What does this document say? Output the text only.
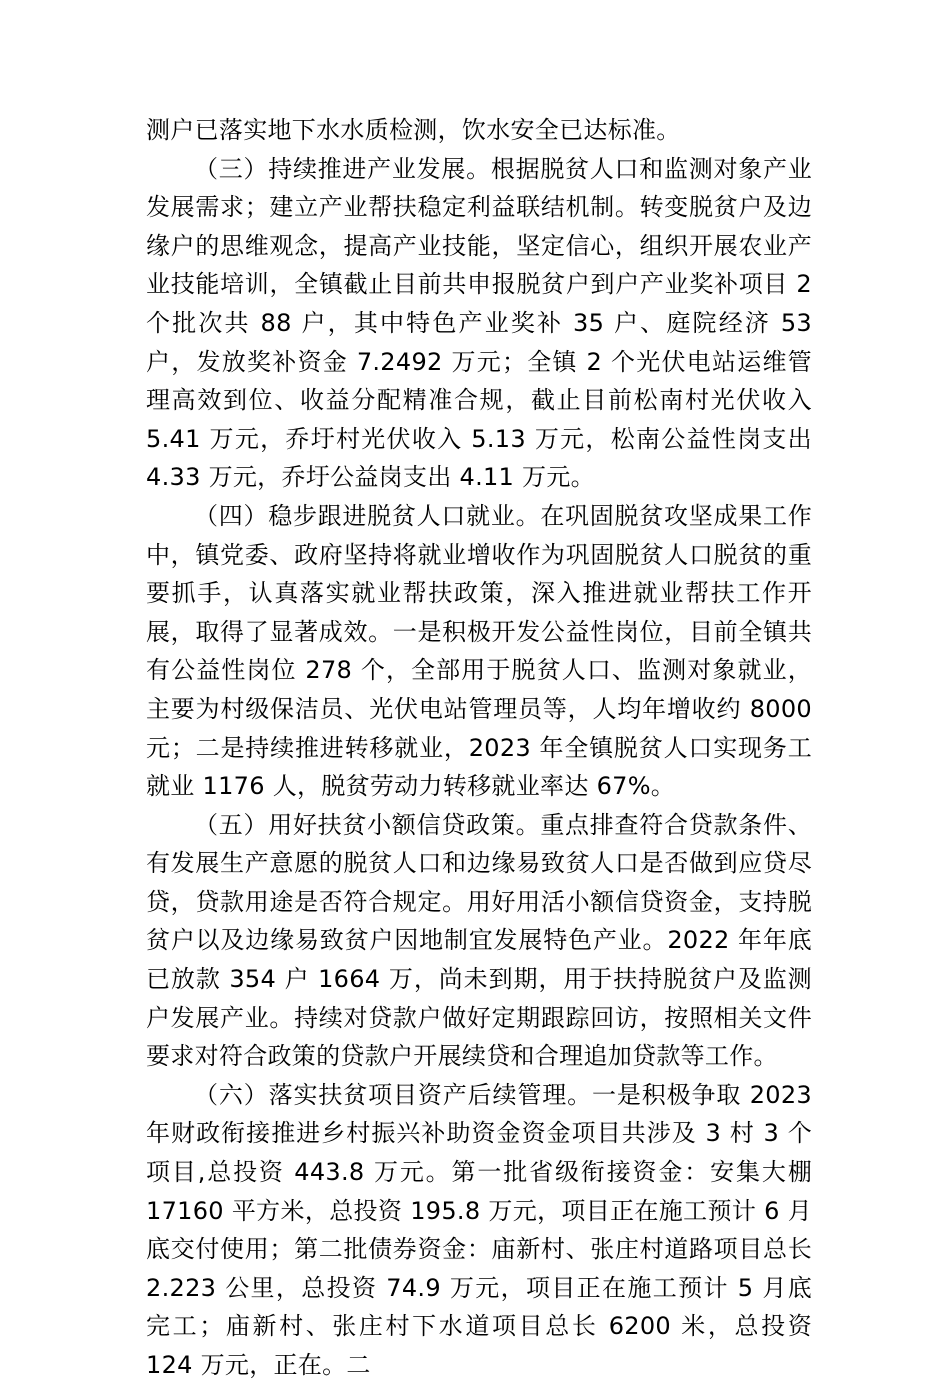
测户已落实地下水水质检测，饮水安全已达标准。

（三）持续推进产业发展。根据脱贫人口和监测对象产业发展需求；建立产业帮扶稳定利益联结机制。转变脱贫户及边缘户的思维观念，提高产业技能，坚定信心，组织开展农业产业技能培训，全镇截止目前共申报脱贫户到户产业奖补项目 2 个批次共 88 户，其中特色产业奖补 35 户、庭院经济 53 户，发放奖补资金 7.2492 万元；全镇 2 个光伏电站运维管理高效到位、收益分配精准合规，截止目前松南村光伏收入 5.41 万元，乔圩村光伏收入 5.13 万元，松南公益性岗支出 4.33 万元，乔圩公益岗支出 4.11 万元。

（四）稳步跟进脱贫人口就业。在巩固脱贫攻坚成果工作中，镇党委、政府坚持将就业增收作为巩固脱贫人口脱贫的重要抓手，认真落实就业帮扶政策，深入推进就业帮扶工作开展，取得了显著成效。一是积极开发公益性岗位，目前全镇共有公益性岗位 278 个，全部用于脱贫人口、监测对象就业，主要为村级保洁员、光伏电站管理员等，人均年增收约 8000 元；二是持续推进转移就业，2023 年全镇脱贫人口实现务工就业 1176 人，脱贫劳动力转移就业率达 67%。

（五）用好扶贫小额信贷政策。重点排查符合贷款条件、有发展生产意愿的脱贫人口和边缘易致贫人口是否做到应贷尽贷，贷款用途是否符合规定。用好用活小额信贷资金，支持脱贫户以及边缘易致贫户因地制宜发展特色产业。2022 年年底已放款 354 户 1664 万，尚未到期，用于扶持脱贫户及监测户发展产业。持续对贷款户做好定期跟踪回访，按照相关文件要求对符合政策的贷款户开展续贷和合理追加贷款等工作。

（六）落实扶贫项目资产后续管理。一是积极争取 2023 年财政衔接推进乡村振兴补助资金资金项目共涉及 3 村 3 个项目,总投资 443.8 万元。第一批省级衔接资金：安集大棚 17160 平方米，总投资 195.8 万元，项目正在施工预计 6 月底交付使用；第二批债券资金：庙新村、张庄村道路项目总长 2.223 公里，总投资 74.9 万元，项目正在施工预计 5 月底完工；庙新村、张庄村下水道项目总长 6200 米，总投资 124 万元，正在。二
